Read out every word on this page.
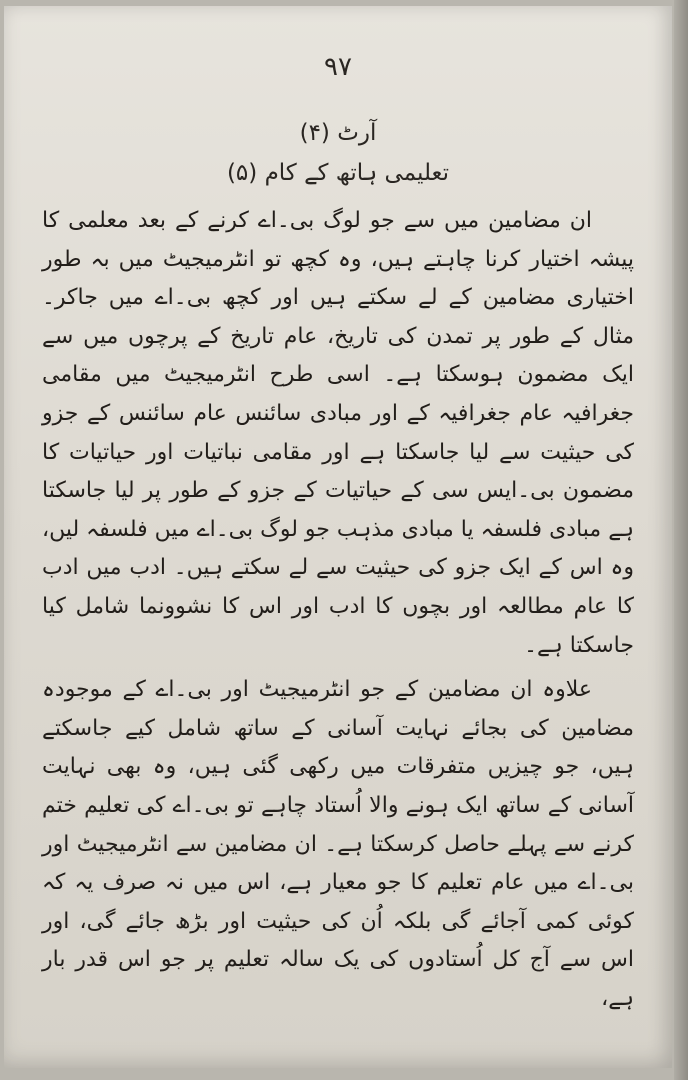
۹۷
(۴) آرٹ
(۵) تعلیمی ہاتھ کے کام

ان مضامین میں سے جو لوگ بی۔اے کرنے کے بعد معلمی کا پیشہ اختیار کرنا چاہتے ہیں، وہ کچھ تو انٹرمیجیٹ میں بہ طور اختیاری مضامین کے لے سکتے ہیں اور کچھ بی۔اے میں جاکر۔ مثال کے طور پر تمدن کی تاریخ، عام تاریخ کے پرچوں میں سے ایک مضمون ہوسکتا ہے۔ اسی طرح انٹرمیجیٹ میں مقامی جغرافیہ عام جغرافیہ کے اور مبادی سائنس عام سائنس کے جزو کی حیثیت سے لیا جاسکتا ہے اور مقامی نباتیات اور حیاتیات کا مضمون بی۔ایس سی کے حیاتیات کے جزو کے طور پر لیا جاسکتا ہے مبادی فلسفہ یا مبادی مذہب جو لوگ بی۔اے میں فلسفہ لیں، وہ اس کے ایک جزو کی حیثیت سے لے سکتے ہیں۔ ادب میں ادب کا عام مطالعہ اور بچوں کا ادب اور اس کا نشوونما شامل کیا جاسکتا ہے۔

علاوہ ان مضامین کے جو انٹرمیجیٹ اور بی۔اے کے موجودہ مضامین کی بجائے نہایت آسانی کے ساتھ شامل کیے جاسکتے ہیں، جو چیزیں متفرقات میں رکھی گئی ہیں، وہ بھی نہایت آسانی کے ساتھ ایک ہونے والا اُستاد چاہے تو بی۔اے کی تعلیم ختم کرنے سے پہلے حاصل کرسکتا ہے۔ ان مضامین سے انٹرمیجیٹ اور بی۔اے میں عام تعلیم کا جو معیار ہے، اس میں نہ صرف یہ کہ کوئی کمی آجائے گی بلکہ اُن کی حیثیت اور بڑھ جائے گی، اور اس سے آج کل اُستادوں کی یک سالہ تعلیم پر جو اس قدر بار ہے،
